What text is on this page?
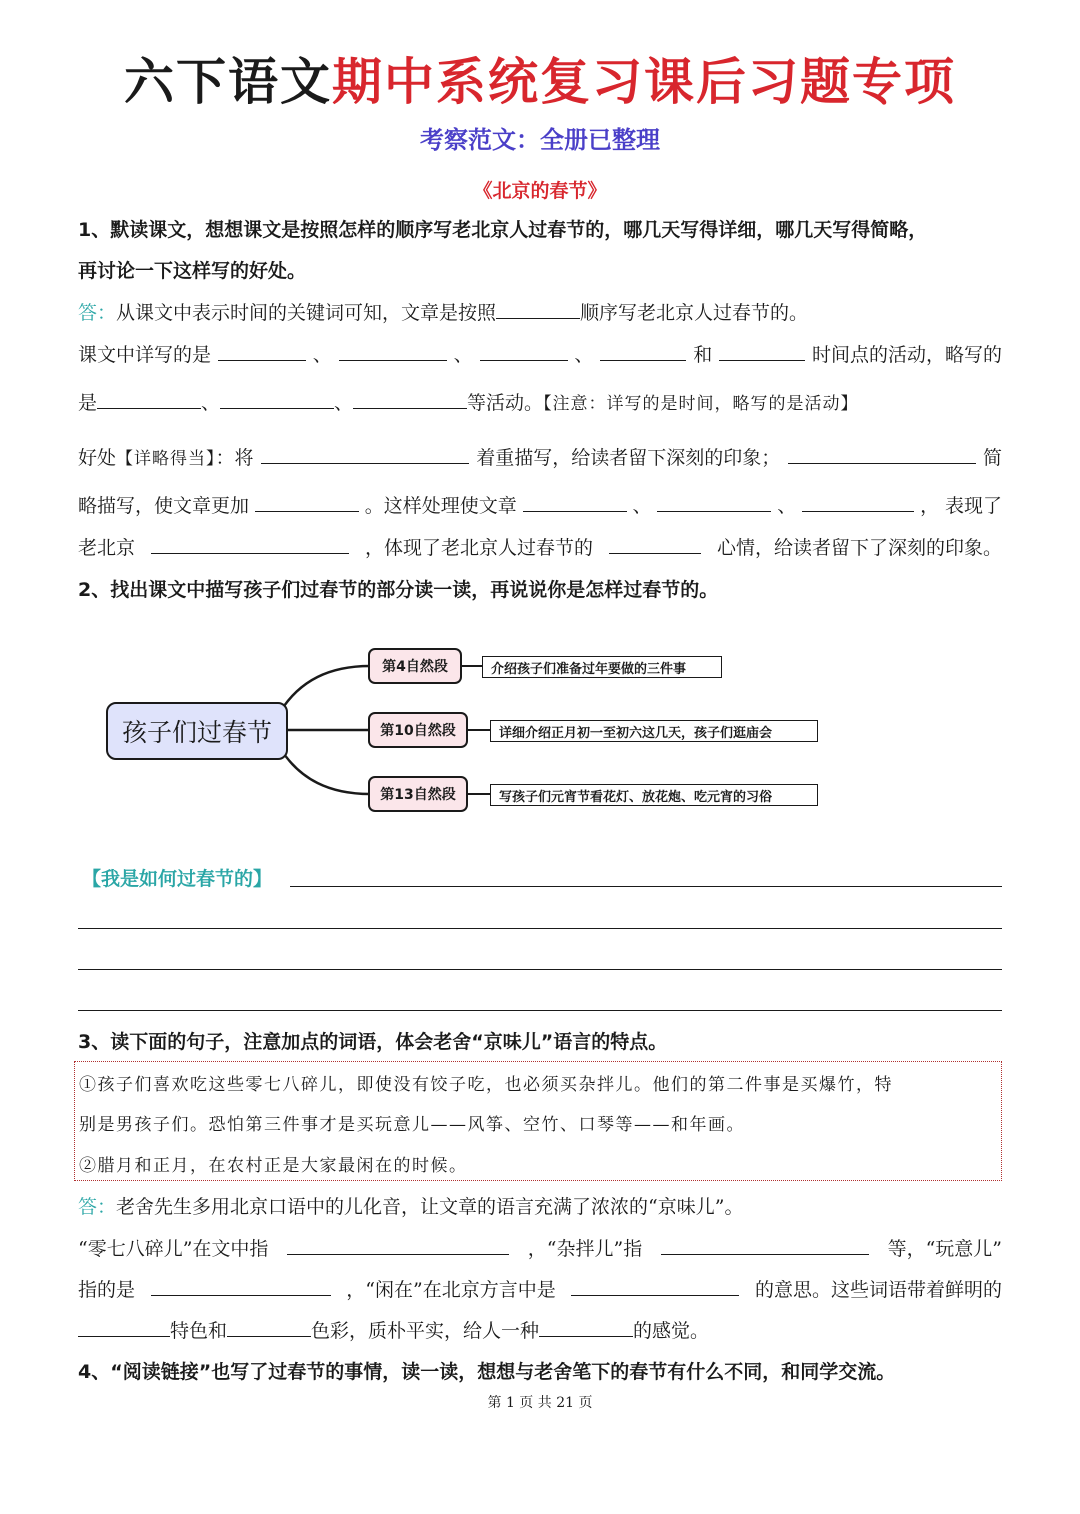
六下语文期中系统复习课后习题专项
考察范文：全册已整理
《北京的春节》
1、默读课文，想想课文是按照怎样的顺序写老北京人过春节的，哪几天写得详细，哪几天写得简略，
再讨论一下这样写的好处。
答：从课文中表示时间的关键词可知，文章是按照	顺序写老北京人过春节的。
课文中详写的是	、	、	、	和	时间点的活动，略写的
是	、	、	等活动。【注意：详写的是时间，略写的是活动】
好处【详略得当】：将	着重描写，给读者留下深刻的印象；	简
略描写，使文章更加	。这样处理使文章	、	、	， 表现了
老北京	，体现了老北京人过春节的	心情，给读者留下了深刻的印象。
2、找出课文中描写孩子们过春节的部分读一读，再说说你是怎样过春节的。
孩子们过春节
第4自然段
第10自然段
第13自然段
介绍孩子们准备过年要做的三件事
详细介绍正月初一至初六这几天，孩子们逛庙会
写孩子们元宵节看花灯、放花炮、吃元宵的习俗
【我是如何过春节的】
3、读下面的句子，注意加点的词语，体会老舍“京味儿”语言的特点。
①孩子们喜欢吃这些零七八碎儿，即使没有饺子吃，也必须买杂拌儿。他们的第二件事是买爆竹，特
别是男孩子们。恐怕第三件事才是买玩意儿——风筝、空竹、口琴等——和年画。
②腊月和正月，在农村正是大家最闲在的时候。
答：老舍先生多用北京口语中的儿化音，让文章的语言充满了浓浓的“京味儿”。
“零七八碎儿”在文中指	，“杂拌儿”指	等，“玩意儿”
指的是	，“闲在”在北京方言中是	的意思。这些词语带着鲜明的
特色和	色彩，质朴平实，给人一种	的感觉。
4、“阅读链接”也写了过春节的事情，读一读，想想与老舍笔下的春节有什么不同，和同学交流。
第 1 页 共 21 页
